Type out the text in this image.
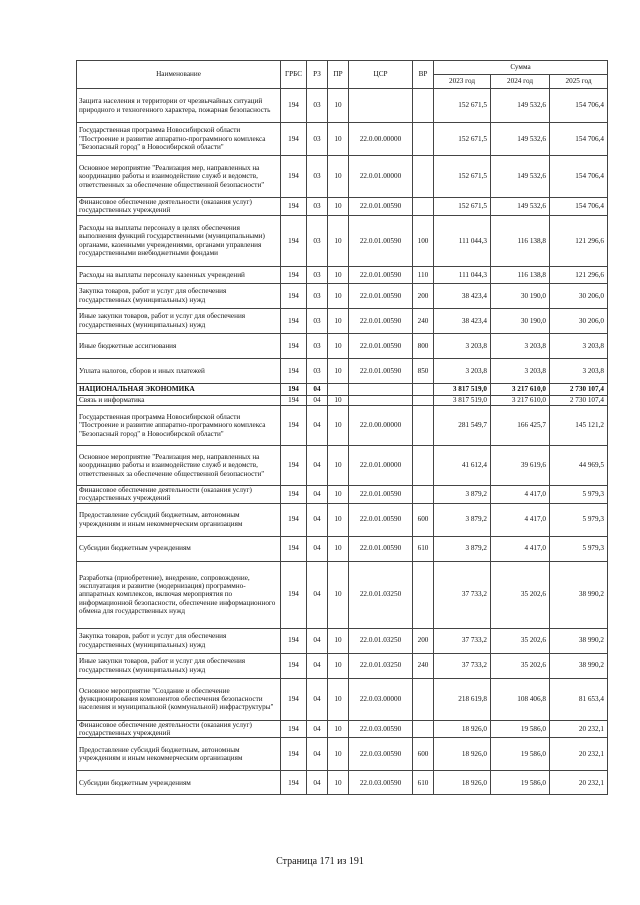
Наименование	ГРБС	РЗ	ПР	ЦСР	ВР	Сумма		
						2023 год	2024 год	2025 год
Защита населения и территории от чрезвычайных ситуаций природного и техногенного характера, пожарная безопасность	194	03	10			152 671,5	149 532,6	154 706,4
Государственная программа Новосибирской области "Построение и развитие аппаратно-программного комплекса "Безопасный город" в Новосибирской области"	194	03	10	22.0.00.00000		152 671,5	149 532,6	154 706,4
Основное мероприятие "Реализация мер, направленных на координацию работы и взаимодействие служб и ведомств, ответственных за обеспечение общественной безопасности"	194	03	10	22.0.01.00000		152 671,5	149 532,6	154 706,4
Финансовое обеспечение деятельности (оказания услуг) государственных учреждений	194	03	10	22.0.01.00590		152 671,5	149 532,6	154 706,4
Расходы на выплаты персоналу в целях обеспечения выполнения функций государственными (муниципальными) органами, казенными учреждениями, органами управления государственными внебюджетными фондами	194	03	10	22.0.01.00590	100	111 044,3	116 138,8	121 296,6
Расходы на выплаты персоналу казенных учреждений	194	03	10	22.0.01.00590	110	111 044,3	116 138,8	121 296,6
Закупка товаров, работ и услуг для обеспечения государственных (муниципальных) нужд	194	03	10	22.0.01.00590	200	38 423,4	30 190,0	30 206,0
Иные закупки товаров, работ и услуг для обеспечения государственных (муниципальных) нужд	194	03	10	22.0.01.00590	240	38 423,4	30 190,0	30 206,0
Иные бюджетные ассигнования	194	03	10	22.0.01.00590	800	3 203,8	3 203,8	3 203,8
Уплата налогов, сборов и иных платежей	194	03	10	22.0.01.00590	850	3 203,8	3 203,8	3 203,8
НАЦИОНАЛЬНАЯ ЭКОНОМИКА	194	04				3 817 519,0	3 217 610,0	2 730 107,4
Связь и информатика	194	04	10			3 817 519,0	3 217 610,0	2 730 107,4
Государственная программа Новосибирской области "Построение и развитие аппаратно-программного комплекса "Безопасный город" в Новосибирской области"	194	04	10	22.0.00.00000		281 549,7	166 425,7	145 121,2
Основное мероприятие "Реализация мер, направленных на координацию работы и взаимодействие служб и ведомств, ответственных за обеспечение общественной безопасности"	194	04	10	22.0.01.00000		41 612,4	39 619,6	44 969,5
Финансовое обеспечение деятельности (оказания услуг) государственных учреждений	194	04	10	22.0.01.00590		3 879,2	4 417,0	5 979,3
Предоставление субсидий бюджетным, автономным учреждениям и иным некоммерческим организациям	194	04	10	22.0.01.00590	600	3 879,2	4 417,0	5 979,3
Субсидии бюджетным учреждениям	194	04	10	22.0.01.00590	610	3 879,2	4 417,0	5 979,3
Разработка (приобретение), внедрение, сопровождение, эксплуатация и развитие (модернизация) программно-аппаратных комплексов, включая мероприятия по информационной безопасности, обеспечение информационного обмена для государственных нужд	194	04	10	22.0.01.03250		37 733,2	35 202,6	38 990,2
Закупка товаров, работ и услуг для обеспечения государственных (муниципальных) нужд	194	04	10	22.0.01.03250	200	37 733,2	35 202,6	38 990,2
Иные закупки товаров, работ и услуг для обеспечения государственных (муниципальных) нужд	194	04	10	22.0.01.03250	240	37 733,2	35 202,6	38 990,2
Основное мероприятие "Создание и обеспечение функционирования компонентов обеспечения безопасности населения и муниципальной (коммунальной) инфраструктуры"	194	04	10	22.0.03.00000		218 619,8	108 406,8	81 653,4
Финансовое обеспечение деятельности (оказания услуг) государственных учреждений	194	04	10	22.0.03.00590		18 926,0	19 586,0	20 232,1
Предоставление субсидий бюджетным, автономным учреждениям и иным некоммерческим организациям	194	04	10	22.0.03.00590	600	18 926,0	19 586,0	20 232,1
Субсидии бюджетным учреждениям	194	04	10	22.0.03.00590	610	18 926,0	19 586,0	20 232,1
Страница 171 из 191
